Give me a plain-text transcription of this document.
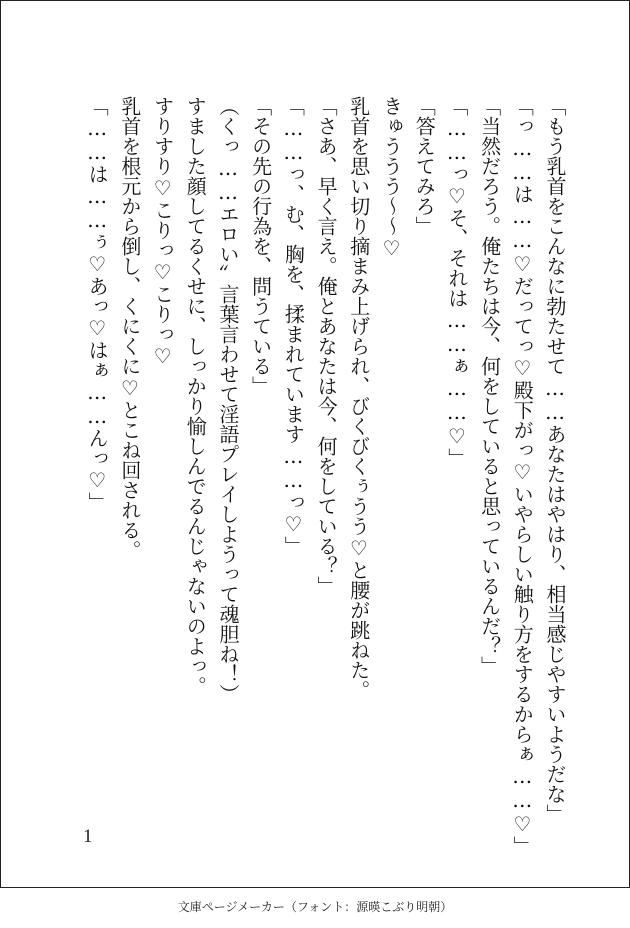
「もう乳首をこんなに勃たせて……あなたはやはり、相当感じやすいようだな」
「っ……は……♡だってっ♡殿下がっ♡いやらしい触り方をするからぁ……♡」
「当然だろう。俺たちは今、何をしていると思っているんだ？」
「……っ♡そ、それは……ぁ……♡」
「答えてみろ」
きゅううう〜〜♡
乳首を思い切り摘まみ上げられ、びくびくぅうう♡と腰が跳ねた。
「さあ、早く言え。俺とあなたは今、何をしている？」
「……っ、む、胸を、揉まれています……っ♡」
「その先の行為を、問うている」
（くっ……エロい〟言葉言わせて淫語プレイしようって魂胆ね！）
すました顔してるくせに、しっかり愉しんでるんじゃないのよっ。
すりすり♡こりっ♡こりっ♡
乳首を根元から倒し、くにくに♡とこね回される。
「……は……ぅ♡あっ♡はぁ……んっ♡」
1
文庫ページメーカー（フォント：源暎こぶり明朝）
